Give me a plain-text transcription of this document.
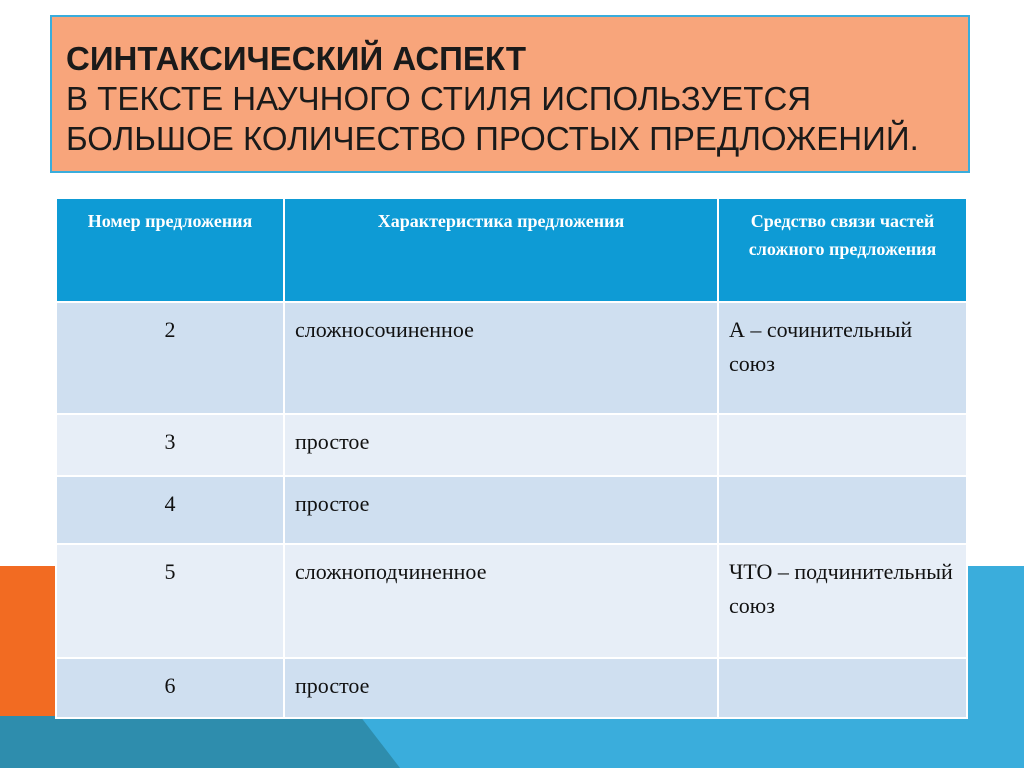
СИНТАКСИЧЕСКИЙ АСПЕКТ
В ТЕКСТЕ НАУЧНОГО СТИЛЯ ИСПОЛЬЗУЕТСЯ
БОЛЬШОЕ КОЛИЧЕСТВО ПРОСТЫХ ПРЕДЛОЖЕНИЙ.
Номер предложения	Характеристика предложения	Средство связи частей сложного предложения
2	сложносочиненное	А – сочинительный союз
3	простое	
4	простое	
5	сложноподчиненное	ЧТО – подчинительный союз
6	простое	
